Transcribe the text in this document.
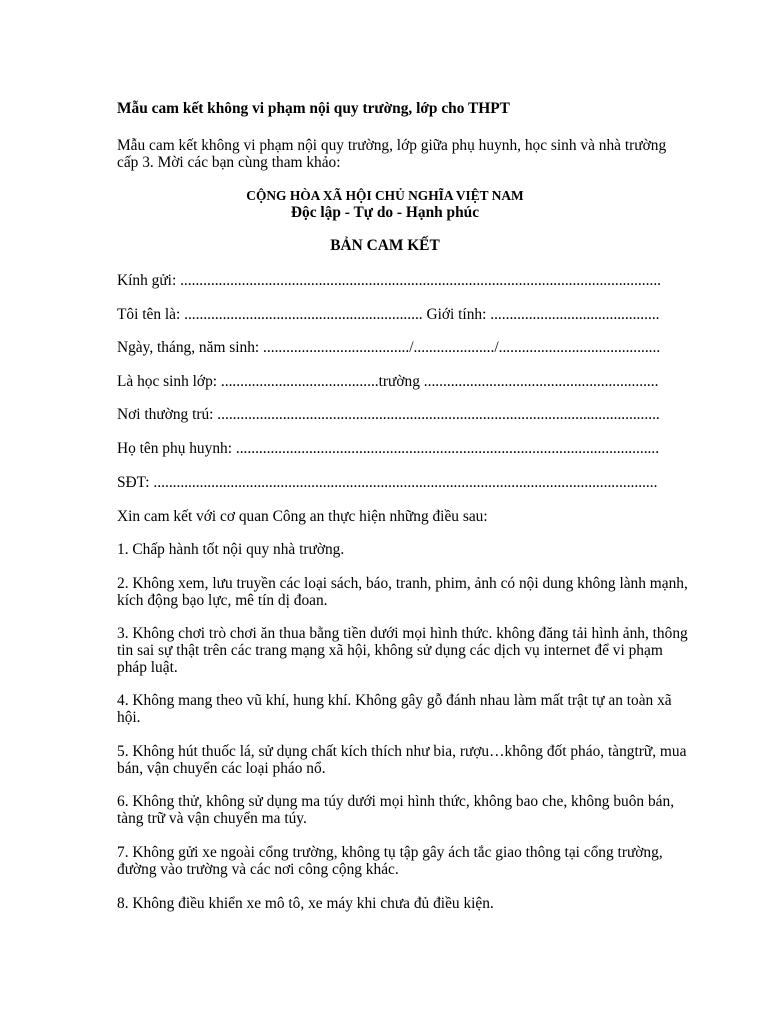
Mẫu cam kết không vi phạm nội quy trường, lớp cho THPT
Mẫu cam kết không vi phạm nội quy trường, lớp giữa phụ huynh, học sinh và nhà trường
cấp 3. Mời các bạn cùng tham khảo:
CỘNG HÒA XÃ HỘI CHỦ NGHĨA VIỆT NAM
Độc lập - Tự do - Hạnh phúc
BẢN CAM KẾT
Kính gửi: .............................................................................................................................
Tôi tên là: .............................................................. Giới tính: ............................................
Ngày, tháng, năm sinh: ....................................../...................../..........................................
Là học sinh lớp: .........................................trường .............................................................
Nơi thường trú: ...................................................................................................................
Họ tên phụ huynh: ..............................................................................................................
SĐT: ...................................................................................................................................
Xin cam kết với cơ quan Công an thực hiện những điều sau:
1. Chấp hành tốt nội quy nhà trường.
2. Không xem, lưu truyền các loại sách, báo, tranh, phim, ảnh có nội dung không lành mạnh,
kích động bạo lực, mê tín dị đoan.
3. Không chơi trò chơi ăn thua bằng tiền dưới mọi hình thức. không đăng tải hình ảnh, thông
tin sai sự thật trên các trang mạng xã hội, không sử dụng các dịch vụ internet để vi phạm
pháp luật.
4. Không mang theo vũ khí, hung khí. Không gây gỗ đánh nhau làm mất trật tự an toàn xã
hội.
5. Không hút thuốc lá, sử dụng chất kích thích như bia, rượu…không đốt pháo, tàngtrữ, mua
bán, vận chuyển các loại pháo nổ.
6. Không thử, không sử dụng ma túy dưới mọi hình thức, không bao che, không buôn bán,
tàng trữ và vận chuyển ma túy.
7. Không gửi xe ngoài cổng trường, không tụ tập gây ách tắc giao thông tại cổng trường,
đường vào trường và các nơi công cộng khác.
8. Không điều khiển xe mô tô, xe máy khi chưa đủ điều kiện.
